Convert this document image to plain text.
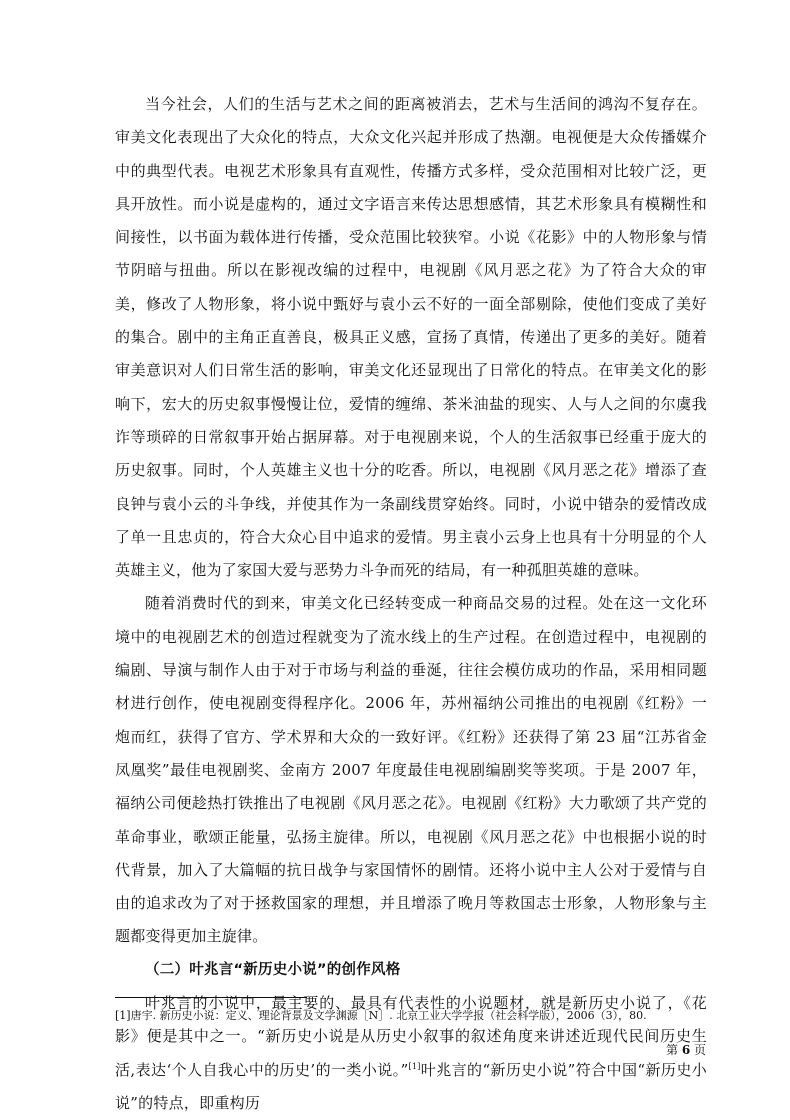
当今社会，人们的生活与艺术之间的距离被消去，艺术与生活间的鸿沟不复存在。审美文化表现出了大众化的特点，大众文化兴起并形成了热潮。电视便是大众传播媒介中的典型代表。电视艺术形象具有直观性，传播方式多样，受众范围相对比较广泛，更具开放性。而小说是虚构的，通过文字语言来传达思想感情，其艺术形象具有模糊性和间接性，以书面为载体进行传播，受众范围比较狭窄。小说《花影》中的人物形象与情节阴暗与扭曲。所以在影视改编的过程中，电视剧《风月恶之花》为了符合大众的审美，修改了人物形象，将小说中甄妤与袁小云不好的一面全部剔除，使他们变成了美好的集合。剧中的主角正直善良，极具正义感，宣扬了真情，传递出了更多的美好。随着审美意识对人们日常生活的影响，审美文化还显现出了日常化的特点。在审美文化的影响下，宏大的历史叙事慢慢让位，爱情的缠绵、茶米油盐的现实、人与人之间的尔虞我诈等琐碎的日常叙事开始占据屏幕。对于电视剧来说，个人的生活叙事已经重于庞大的历史叙事。同时，个人英雄主义也十分的吃香。所以，电视剧《风月恶之花》增添了查良钟与袁小云的斗争线，并使其作为一条副线贯穿始终。同时，小说中错杂的爱情改成了单一且忠贞的，符合大众心目中追求的爱情。男主袁小云身上也具有十分明显的个人英雄主义，他为了家国大爱与恶势力斗争而死的结局，有一种孤胆英雄的意味。

随着消费时代的到来，审美文化已经转变成一种商品交易的过程。处在这一文化环境中的电视剧艺术的创造过程就变为了流水线上的生产过程。在创造过程中，电视剧的编剧、导演与制作人由于对于市场与利益的垂涎，往往会模仿成功的作品，采用相同题材进行创作，使电视剧变得程序化。2006 年，苏州福纳公司推出的电视剧《红粉》一炮而红，获得了官方、学术界和大众的一致好评。《红粉》还获得了第 23 届“江苏省金凤凰奖”最佳电视剧奖、金南方 2007 年度最佳电视剧编剧奖等奖项。于是 2007 年，福纳公司便趁热打铁推出了电视剧《风月恶之花》。电视剧《红粉》大力歌颂了共产党的革命事业，歌颂正能量，弘扬主旋律。所以，电视剧《风月恶之花》中也根据小说的时代背景，加入了大篇幅的抗日战争与家国情怀的剧情。还将小说中主人公对于爱情与自由的追求改为了对于拯救国家的理想，并且增添了晚月等救国志士形象，人物形象与主题都变得更加主旋律。

（二）叶兆言“新历史小说”的创作风格

叶兆言的小说中，最主要的、最具有代表性的小说题材，就是新历史小说了，《花影》便是其中之一。“新历史小说是从历史小叙事的叙述角度来讲述近现代民间历史生活,表达‘个人自我心中的历史’的一类小说。”[1]叶兆言的“新历史小说”符合中国“新历史小说”的特点，即重构历

[1]唐宇. 新历史小说：定义、理论背景及文学渊源［N］. 北京工业大学学报（社会科学版），2006（3），80.
第 6 页
